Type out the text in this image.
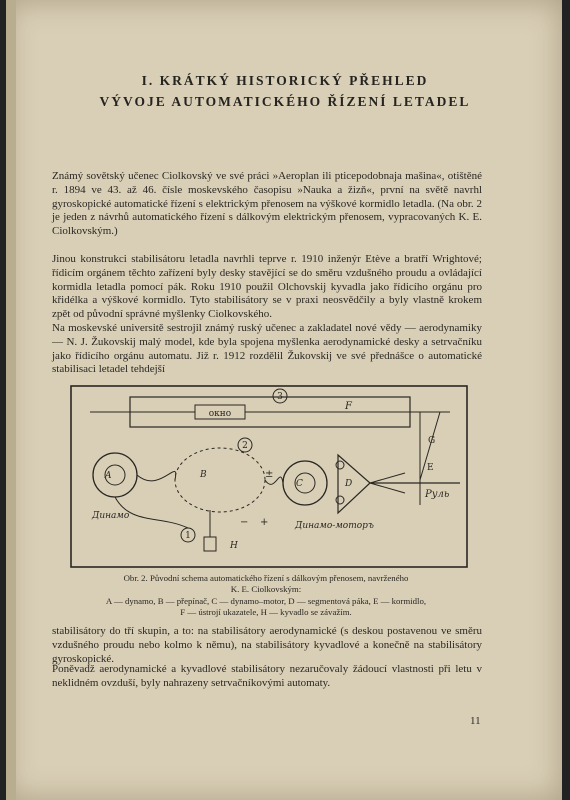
I. KRÁTKÝ HISTORICKÝ PŘEHLED
VÝVOJE AUTOMATICKÉHO ŘÍZENÍ LETADEL
Známý sovětský učenec Ciolkovský ve své práci »Aeroplan ili pticepodobnaja mašina«, otištěné r. 1894 ve 43. až 46. čísle moskevského časopisu »Nauka a žizň«, první na světě navrhl gyroskopické automatické řízení s elektrickým přenosem na výškové kormidlo letadla. (Na obr. 2 je jeden z návrhů automatického řízení s dálkovým elektrickým přenosem, vypracovaných K. E. Ciolkovským.)
Jinou konstrukci stabilisátoru letadla navrhli teprve r. 1910 inženýr Etève a bratří Wrightové; řídicím orgánem těchto zařízení byly desky stavějící se do směru vzdušného proudu a ovládající kormidla letadla pomocí pák. Roku 1910 použil Olchovskij kyvadla jako řídicího orgánu pro křidélka a výškové kormidlo. Tyto stabilisátory se v praxi neosvědčily a byly vlastně krokem zpět od původní správné myšlenky Ciolkovského.
Na moskevské universitě sestrojil známý ruský učenec a zakladatel nové vědy — aerodynamiky — N. J. Žukovskij malý model, kde byla spojena myšlenka aerodynamické desky a setrvačníku jako řídicího orgánu automatu. Již r. 1912 rozdělil Žukovskij ve své přednášce o automatické stabilisaci letadel tehdejší
окно
3
F
G
E
Руль
A
Динамо
B
2
±
+
−
1
H
C
Динамо-моторъ
D
Obr. 2. Původní schema automatického řízení s dálkovým přenosem, navrženého
K. E. Ciolkovským:
A — dynamo, B — přepínač, C — dynamo–motor, D — segmentová páka, E — kormidlo,
F — ústrojí ukazatele, H — kyvadlo se závažím.
stabilisátory do tří skupin, a to: na stabilisátory aerodynamické (s deskou postavenou ve směru vzdušného proudu nebo kolmo k němu), na stabilisátory kyvadlové a konečně na stabilisátory gyroskopické.
Poněvadž aerodynamické a kyvadlové stabilisátory nezaručovaly žádoucí vlastnosti při letu v neklidném ovzduší, byly nahrazeny setrvačníkovými automaty.
11
